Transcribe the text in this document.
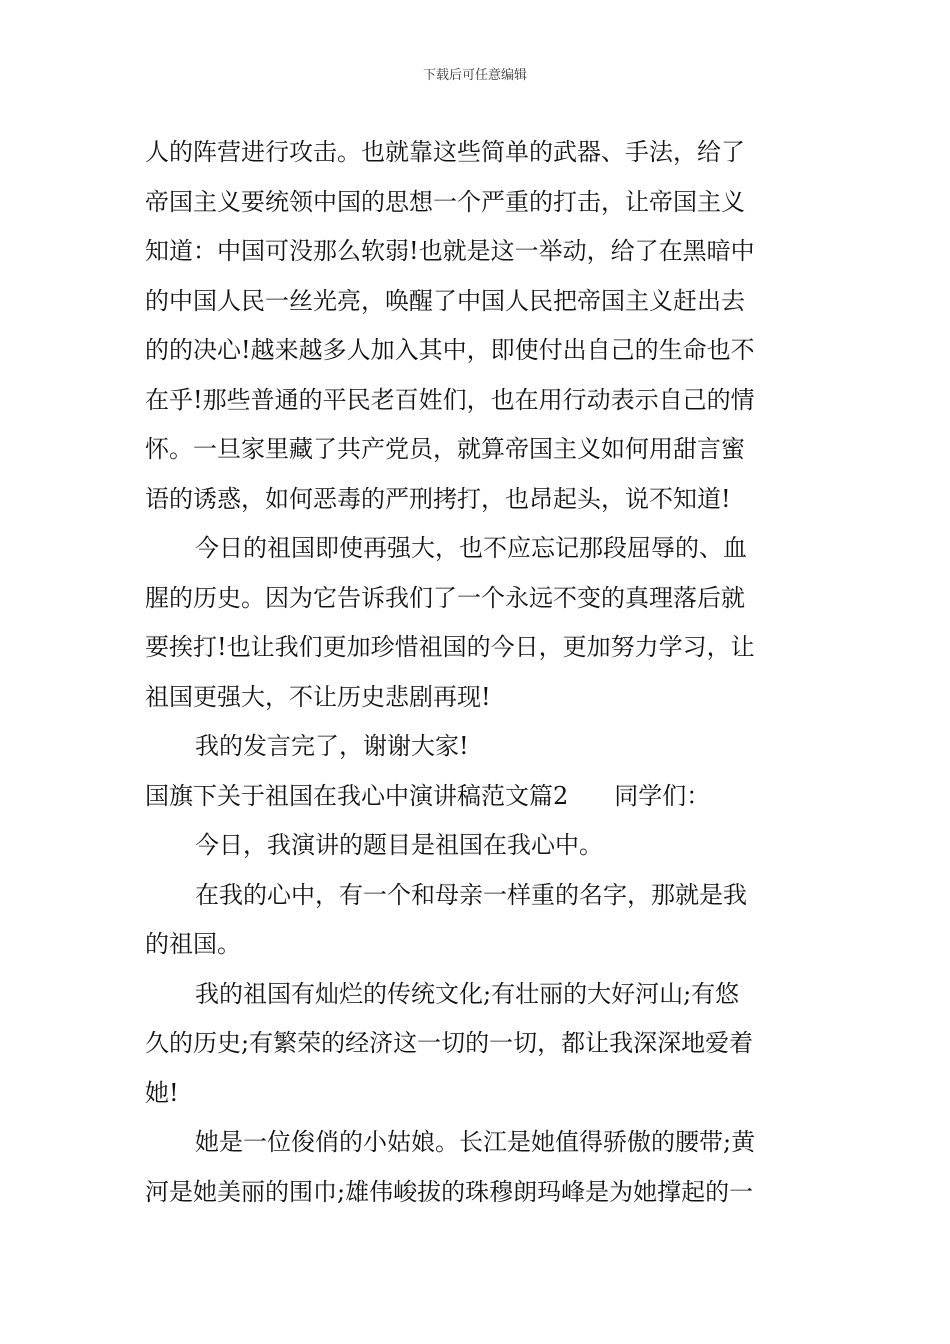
下载后可任意编辑
人的阵营进行攻击。也就靠这些简单的武器、手法，给了
帝国主义要统领中国的思想一个严重的打击，让帝国主义
知道：中国可没那么软弱!也就是这一举动，给了在黑暗中
的中国人民一丝光亮，唤醒了中国人民把帝国主义赶出去
的的决心!越来越多人加入其中，即使付出自己的生命也不
在乎!那些普通的平民老百姓们，也在用行动表示自己的情
怀。一旦家里藏了共产党员，就算帝国主义如何用甜言蜜
语的诱惑，如何恶毒的严刑拷打，也昂起头，说不知道!
今日的祖国即使再强大，也不应忘记那段屈辱的、血
腥的历史。因为它告诉我们了一个永远不变的真理落后就
要挨打!也让我们更加珍惜祖国的今日，更加努力学习，让
祖国更强大，不让历史悲剧再现!
我的发言完了，谢谢大家!
国旗下关于祖国在我心中演讲稿范文篇2 同学们：
今日，我演讲的题目是祖国在我心中。
在我的心中，有一个和母亲一样重的名字，那就是我
的祖国。
我的祖国有灿烂的传统文化;有壮丽的大好河山;有悠
久的历史;有繁荣的经济这一切的一切，都让我深深地爱着
她!
她是一位俊俏的小姑娘。长江是她值得骄傲的腰带;黄
河是她美丽的围巾;雄伟峻拔的珠穆朗玛峰是为她撑起的一
